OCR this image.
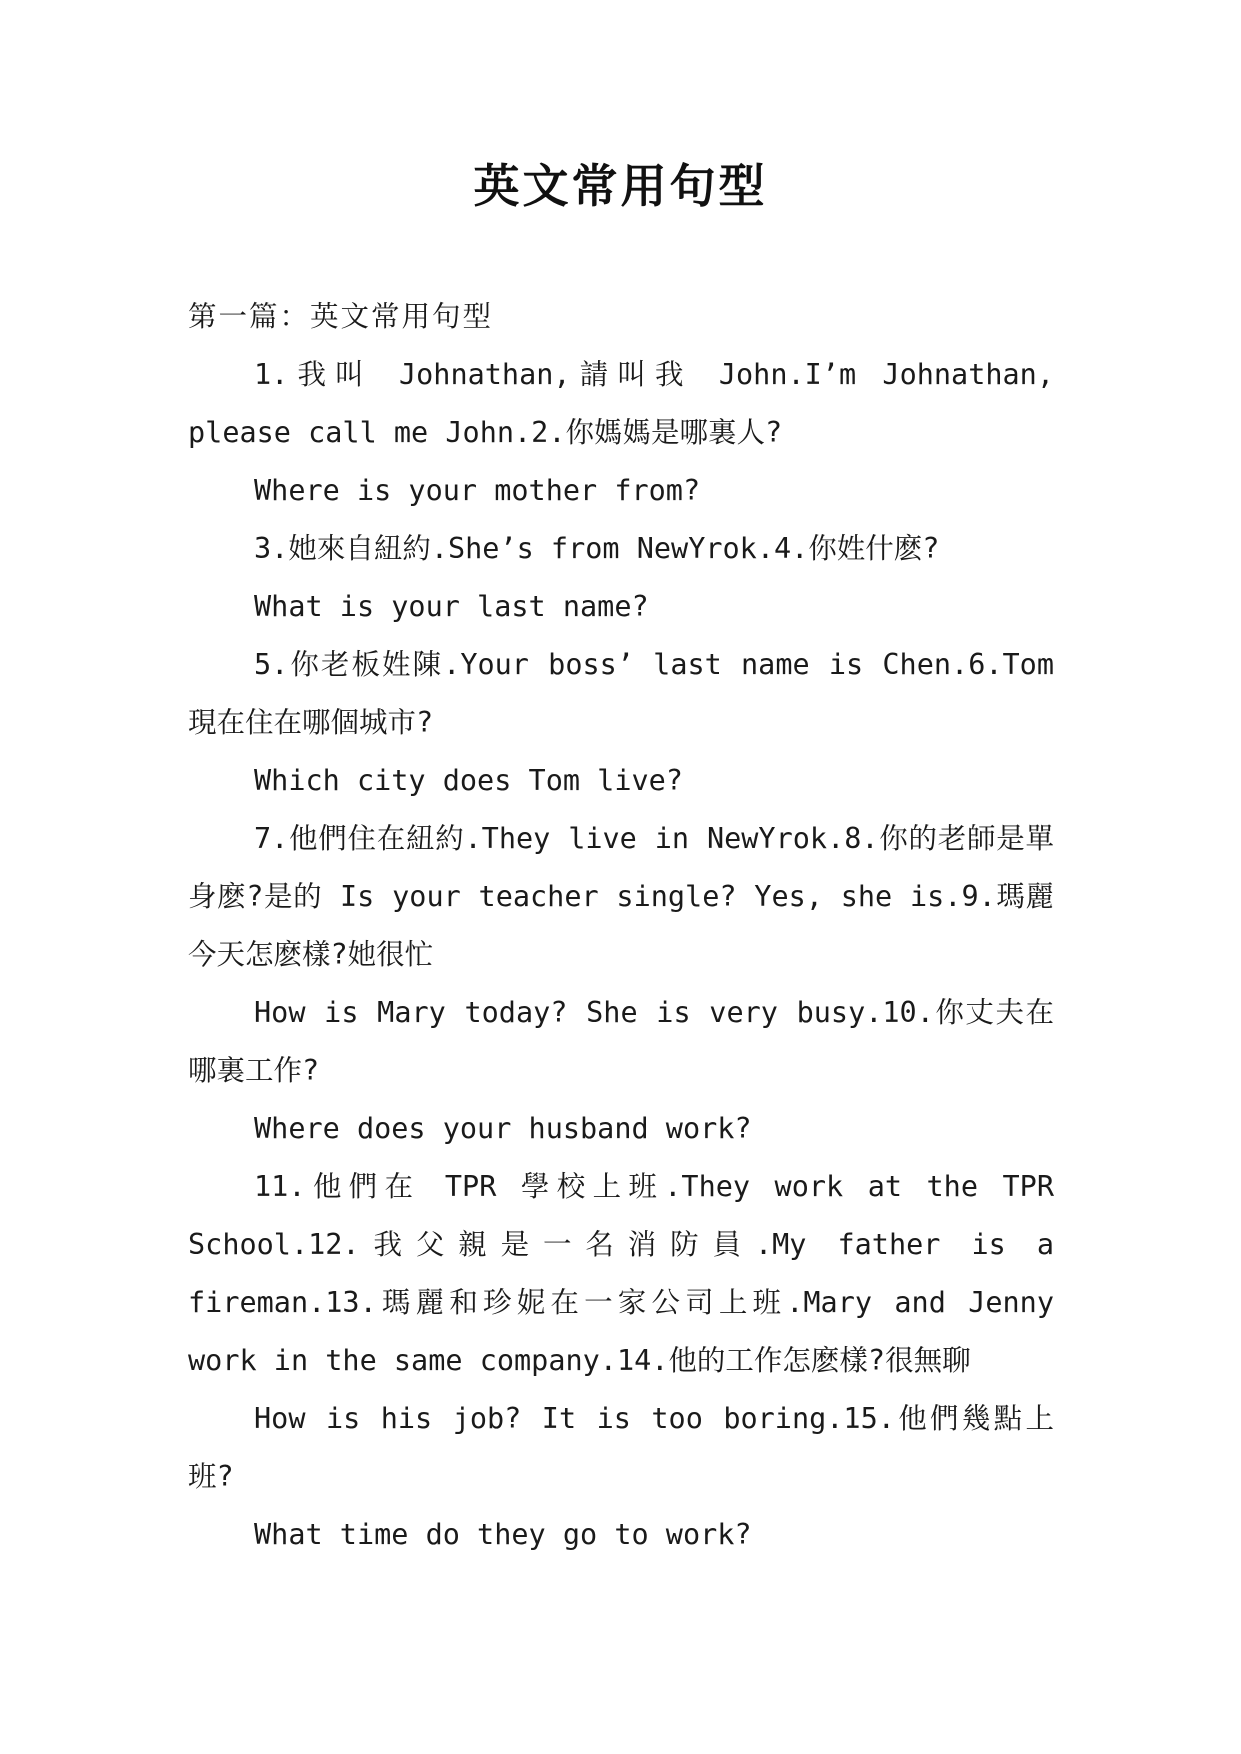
英文常用句型

第一篇：英文常用句型

1.我叫 Johnathan,請叫我 John.I’m Johnathan, please call me John.2.你媽媽是哪裏人?

Where is your mother from?

3.她來自紐約.She’s from NewYrok.4.你姓什麽?

What is your last name?

5.你老板姓陳.Your boss’ last name is Chen.6.Tom現在住在哪個城市?

Which city does Tom live?

7.他們住在紐約.They live in NewYrok.8.你的老師是單身麽?是的 Is your teacher single? Yes, she is.9.瑪麗今天怎麽樣?她很忙

How is Mary today? She is very busy.10.你丈夫在哪裏工作?

Where does your husband work?

11.他們在 TPR 學校上班.They work at the TPR School.12.我父親是一名消防員.My father is a fireman.13.瑪麗和珍妮在一家公司上班.Mary and Jenny work in the same company.14.他的工作怎麽樣?很無聊

How is his job? It is too boring.15.他們幾點上班?

What time do they go to work?
